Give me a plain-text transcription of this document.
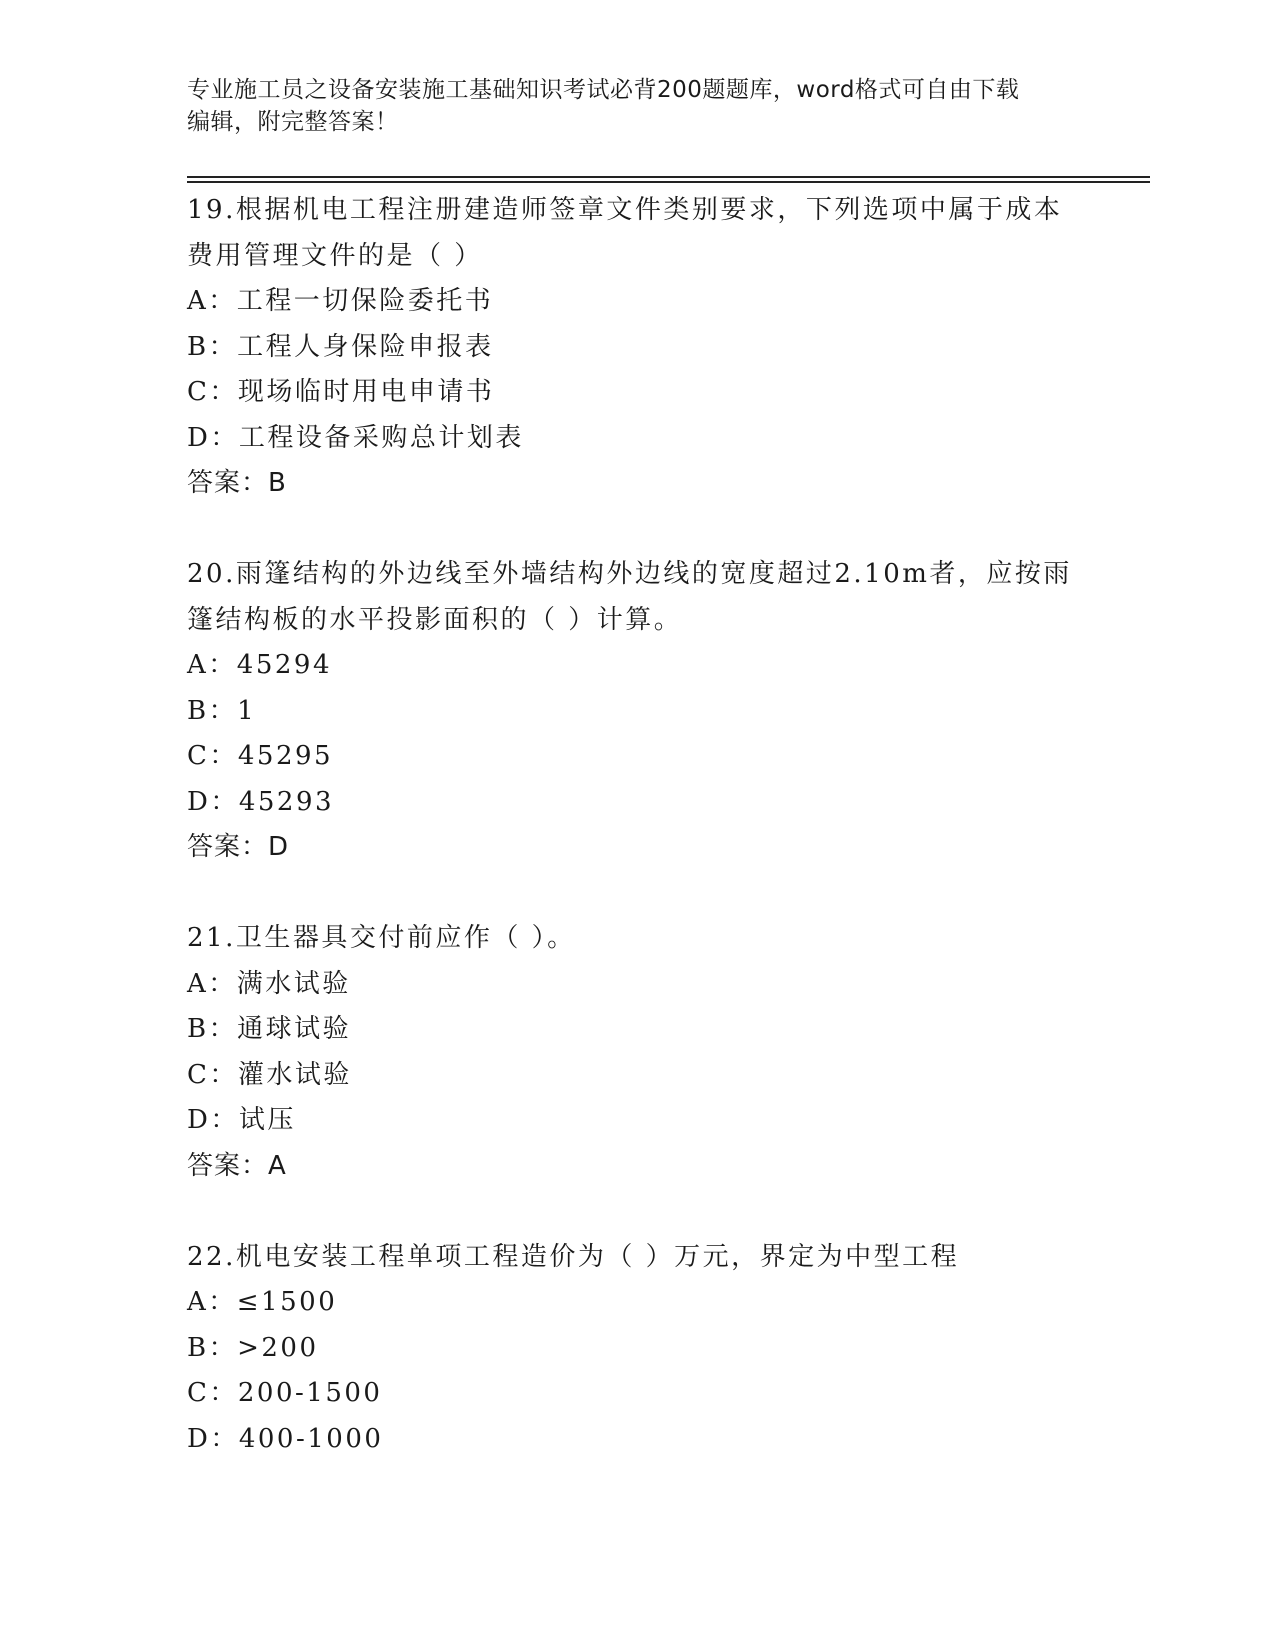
专业施工员之设备安装施工基础知识考试必背200题题库，word格式可自由下载
编辑，附完整答案！
19.根据机电工程注册建造师签章文件类别要求，下列选项中属于成本
费用管理文件的是（ ）
A：工程一切保险委托书
B：工程人身保险申报表
C：现场临时用电申请书
D：工程设备采购总计划表
答案：B
20.雨篷结构的外边线至外墙结构外边线的宽度超过2.10m者，应按雨
篷结构板的水平投影面积的（ ）计算。
A：45294
B：1
C：45295
D：45293
答案：D
21.卫生器具交付前应作（ ）。
A：满水试验
B：通球试验
C：灌水试验
D：试压
答案：A
22.机电安装工程单项工程造价为（ ）万元，界定为中型工程
A：≤1500
B：>200
C：200-1500
D：400-1000
